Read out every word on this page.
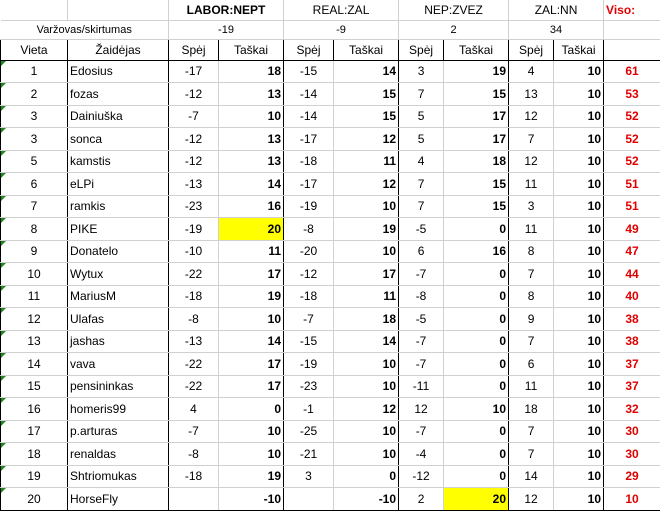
		LABOR:NEPT		REAL:ZAL		NEP:ZVEZ		ZAL:NN		Viso:
Varžovas/skirtumas		-19		-9		2		34		
Vieta	Žaidėjas	Spėj	Taškai	Spėj	Taškai	Spėj	Taškai	Spėj	Taškai	

1	Edosius	-17	18	-15	14	3	19	4	10	61

2	fozas	-12	13	-14	15	7	15	13	10	53

3	Dainiuška	-7	10	-14	15	5	17	12	10	52

3	sonca	-12	13	-17	12	5	17	7	10	52

5	kamstis	-12	13	-18	11	4	18	12	10	52

6	eLPi	-13	14	-17	12	7	15	11	10	51

7	ramkis	-23	16	-19	10	7	15	3	10	51

8	PIKE	-19	20	-8	19	-5	0	11	10	49

9	Donatelo	-10	11	-20	10	6	16	8	10	47

10	Wytux	-22	17	-12	17	-7	0	7	10	44

11	MariusM	-18	19	-18	11	-8	0	8	10	40

12	Ulafas	-8	10	-7	18	-5	0	9	10	38

13	jashas	-13	14	-15	14	-7	0	7	10	38

14	vava	-22	17	-19	10	-7	0	6	10	37

15	pensininkas	-22	17	-23	10	-11	0	11	10	37

16	homeris99	4	0	-1	12	12	10	18	10	32

17	p.arturas	-7	10	-25	10	-7	0	7	10	30

18	renaldas	-8	10	-21	10	-4	0	7	10	30

19	Shtriomukas	-18	19	3	0	-12	0	14	10	29

20	HorseFly		-10		-10	2	20	12	10	10
